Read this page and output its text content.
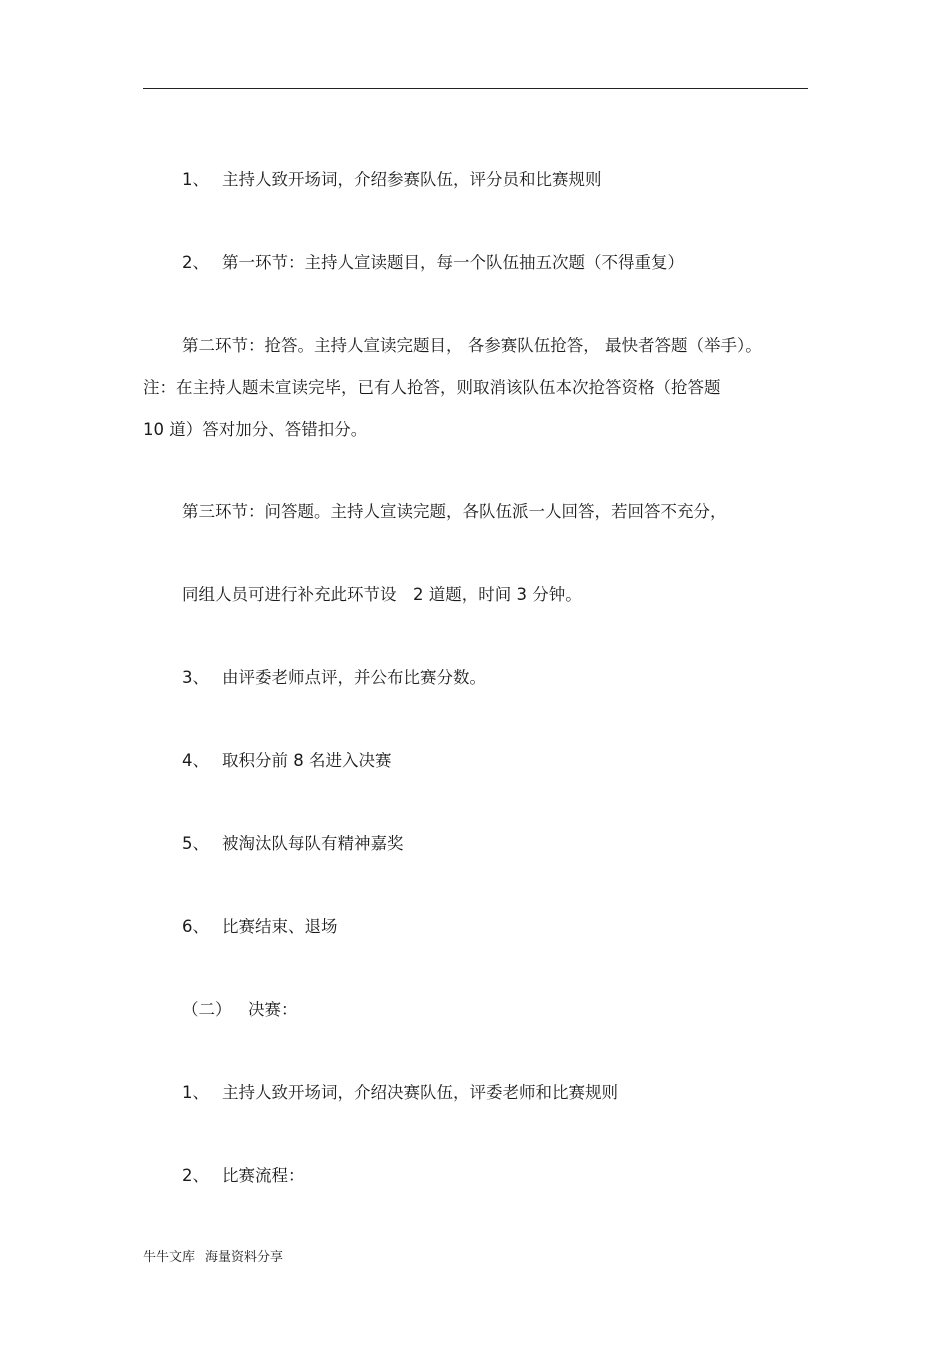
1、 主持人致开场词，介绍参赛队伍，评分员和比赛规则
2、 第一环节：主持人宣读题目，每一个队伍抽五次题（不得重复）
第二环节：抢答。主持人宣读完题目， 各参赛队伍抢答， 最快者答题（举手）。
注：在主持人题未宣读完毕，已有人抢答，则取消该队伍本次抢答资格（抢答题
10 道）答对加分、答错扣分。
第三环节：问答题。主持人宣读完题，各队伍派一人回答，若回答不充分，
同组人员可进行补充此环节设　2 道题，时间 3 分钟。
3、 由评委老师点评，并公布比赛分数。
4、 取积分前 8 名进入决赛
5、 被淘汰队每队有精神嘉奖
6、 比赛结束、退场
（二） 决赛：
1、 主持人致开场词，介绍决赛队伍，评委老师和比赛规则
2、 比赛流程：
牛牛文库 海量资料分享
